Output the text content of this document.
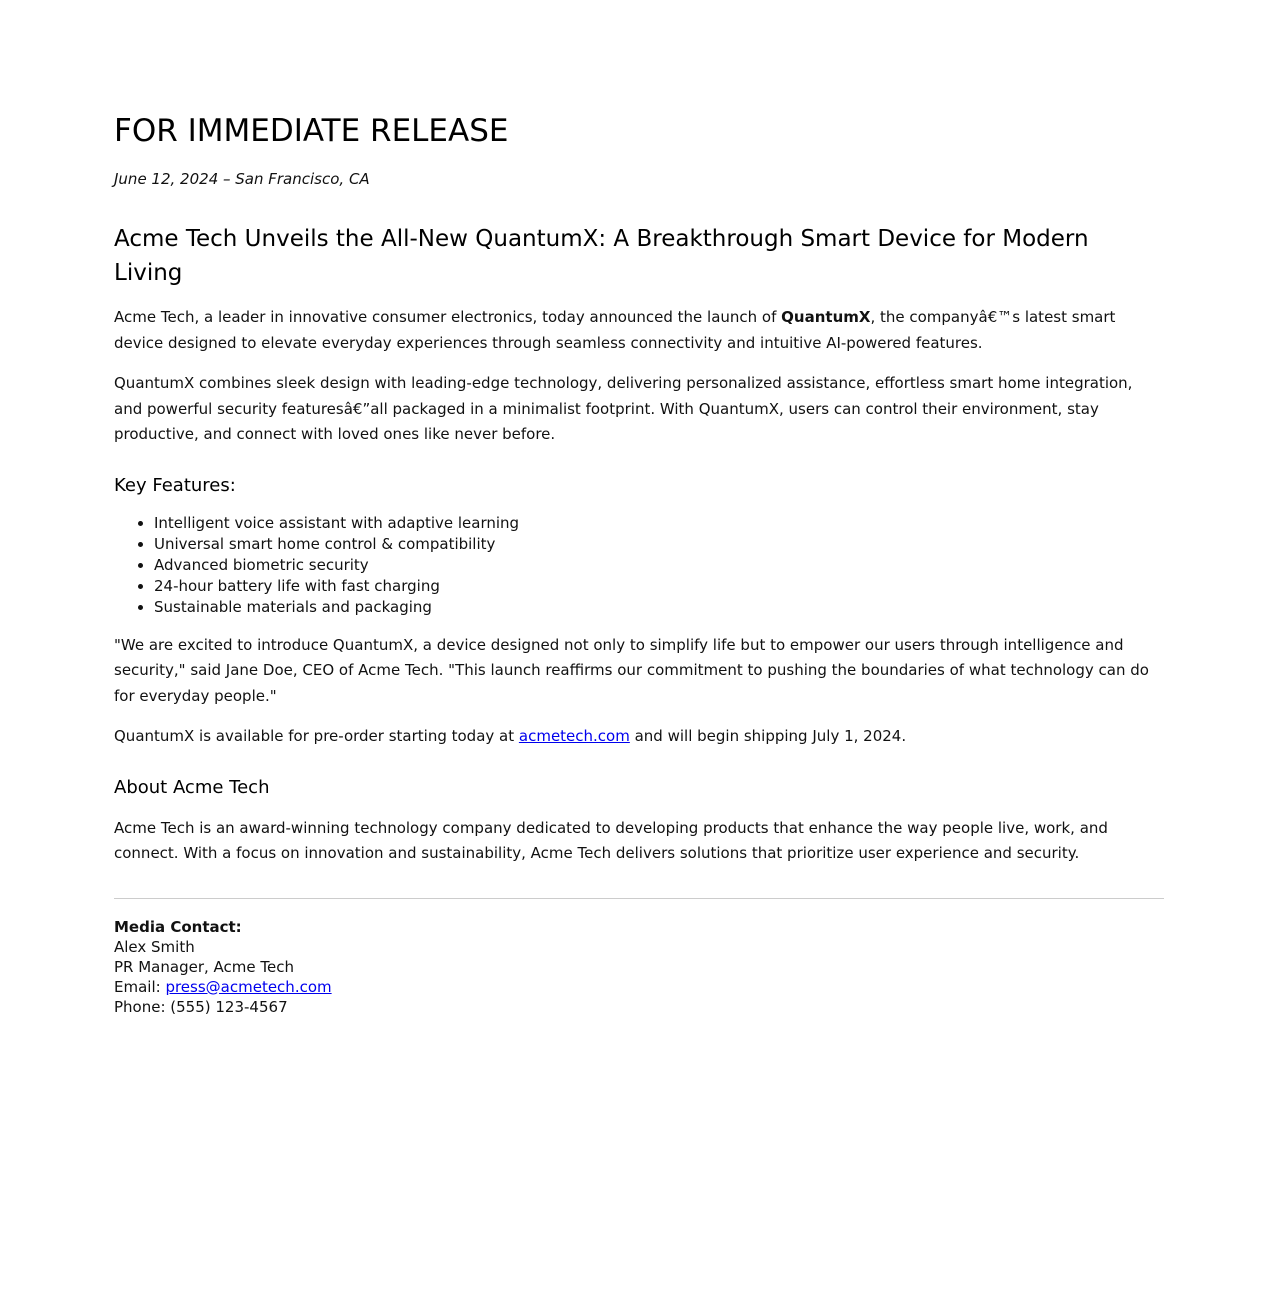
FOR IMMEDIATE RELEASE

June 12, 2024 – San Francisco, CA

Acme Tech Unveils the All-New QuantumX: A Breakthrough Smart Device for Modern Living

Acme Tech, a leader in innovative consumer electronics, today announced the launch of QuantumX, the companyâ€™s latest smart device designed to elevate everyday experiences through seamless connectivity and intuitive AI-powered features.

QuantumX combines sleek design with leading-edge technology, delivering personalized assistance, effortless smart home integration, and powerful security featuresâ€”all packaged in a minimalist footprint. With QuantumX, users can control their environment, stay productive, and connect with loved ones like never before.

Key Features:
• Intelligent voice assistant with adaptive learning
• Universal smart home control & compatibility
• Advanced biometric security
• 24-hour battery life with fast charging
• Sustainable materials and packaging

"We are excited to introduce QuantumX, a device designed not only to simplify life but to empower our users through intelligence and security," said Jane Doe, CEO of Acme Tech. "This launch reaffirms our commitment to pushing the boundaries of what technology can do for everyday people."

QuantumX is available for pre-order starting today at acmetech.com and will begin shipping July 1, 2024.

About Acme Tech

Acme Tech is an award-winning technology company dedicated to developing products that enhance the way people live, work, and connect. With a focus on innovation and sustainability, Acme Tech delivers solutions that prioritize user experience and security.

Media Contact:
Alex Smith
PR Manager, Acme Tech
Email: press@acmetech.com
Phone: (555) 123-4567
